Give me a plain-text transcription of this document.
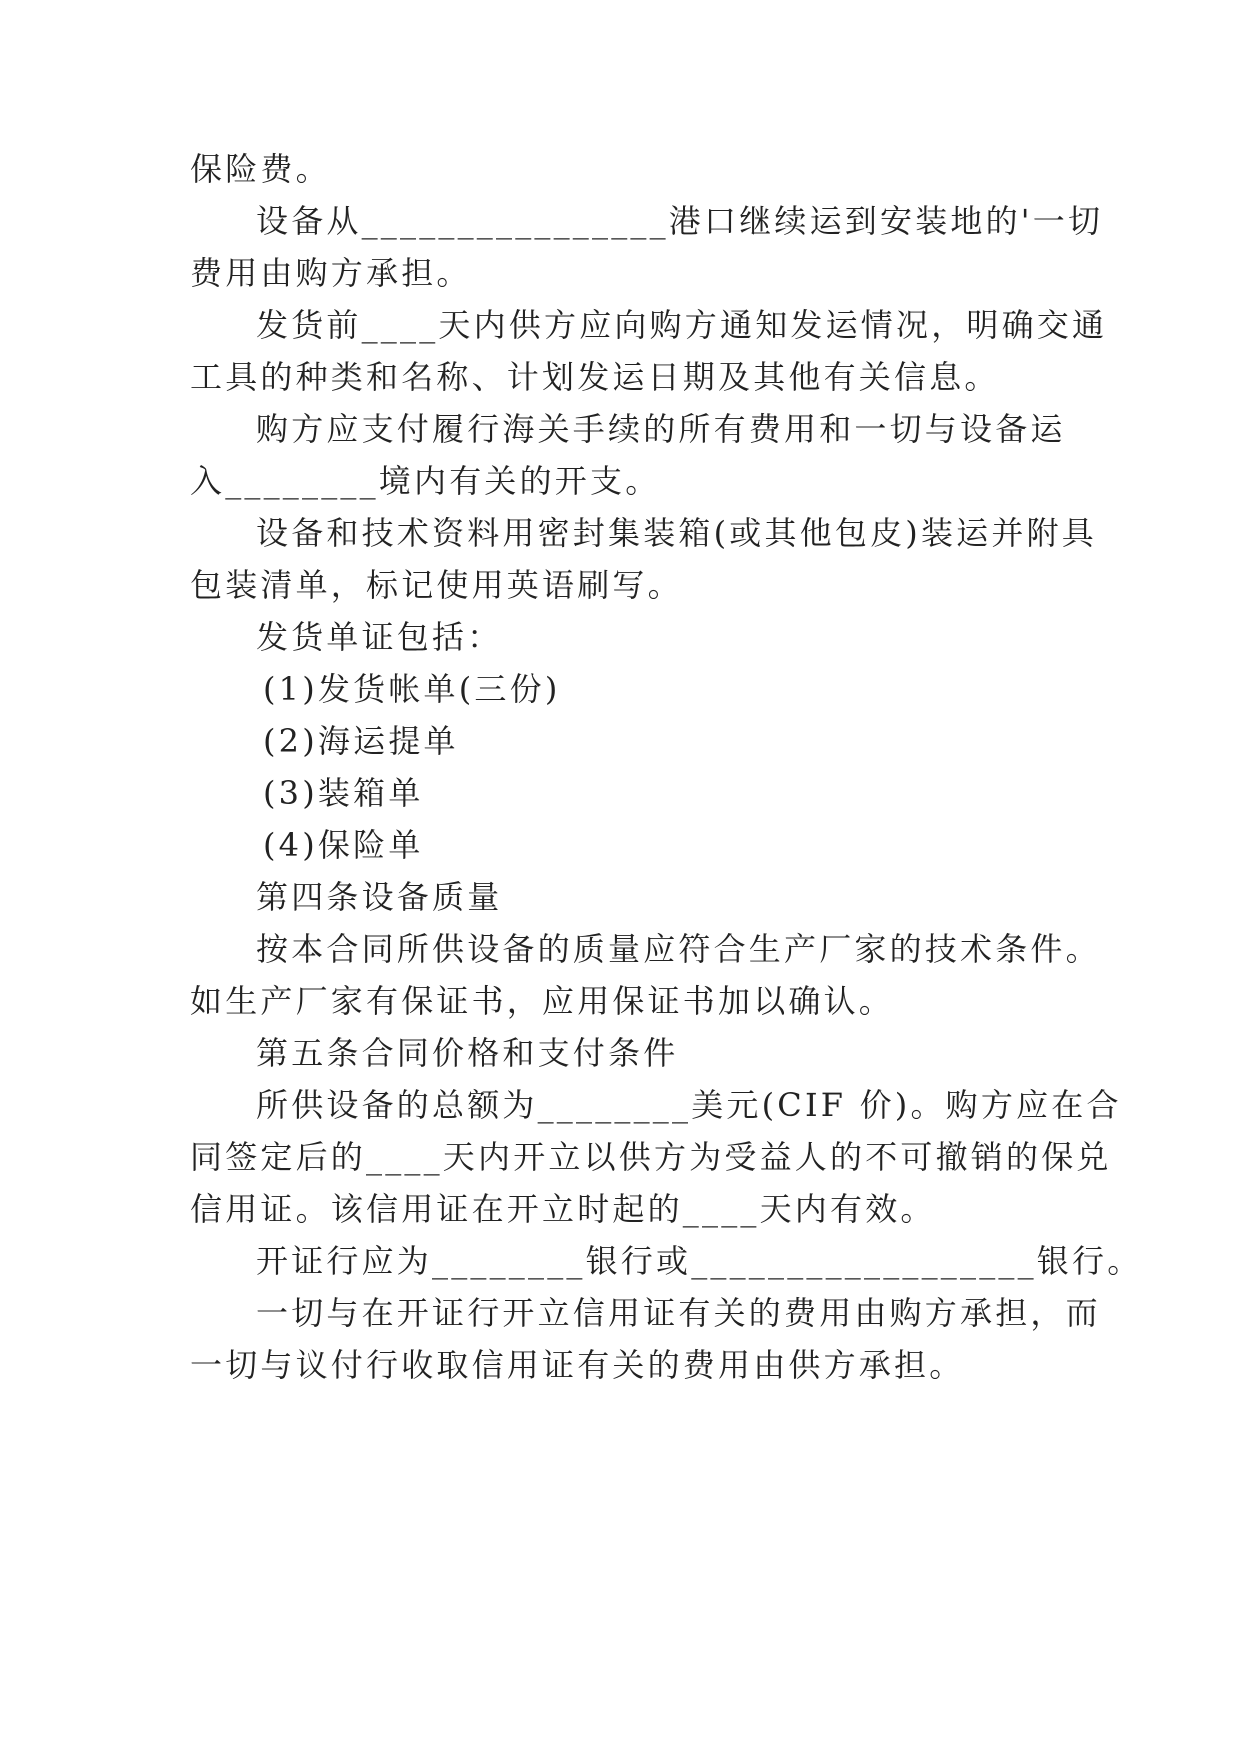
保险费。
设备从________________港口继续运到安装地的'一切
费用由购方承担。
发货前____天内供方应向购方通知发运情况，明确交通
工具的种类和名称、计划发运日期及其他有关信息。
购方应支付履行海关手续的所有费用和一切与设备运
入________境内有关的开支。
设备和技术资料用密封集装箱(或其他包皮)装运并附具
包装清单，标记使用英语刷写。
发货单证包括：
(1)发货帐单(三份)
(2)海运提单
(3)装箱单
(4)保险单
第四条设备质量
按本合同所供设备的质量应符合生产厂家的技术条件。
如生产厂家有保证书，应用保证书加以确认。
第五条合同价格和支付条件
所供设备的总额为________美元(CIF 价)。购方应在合
同签定后的____天内开立以供方为受益人的不可撤销的保兑
信用证。该信用证在开立时起的____天内有效。
开证行应为________银行或__________________银行。
一切与在开证行开立信用证有关的费用由购方承担，而
一切与议付行收取信用证有关的费用由供方承担。
